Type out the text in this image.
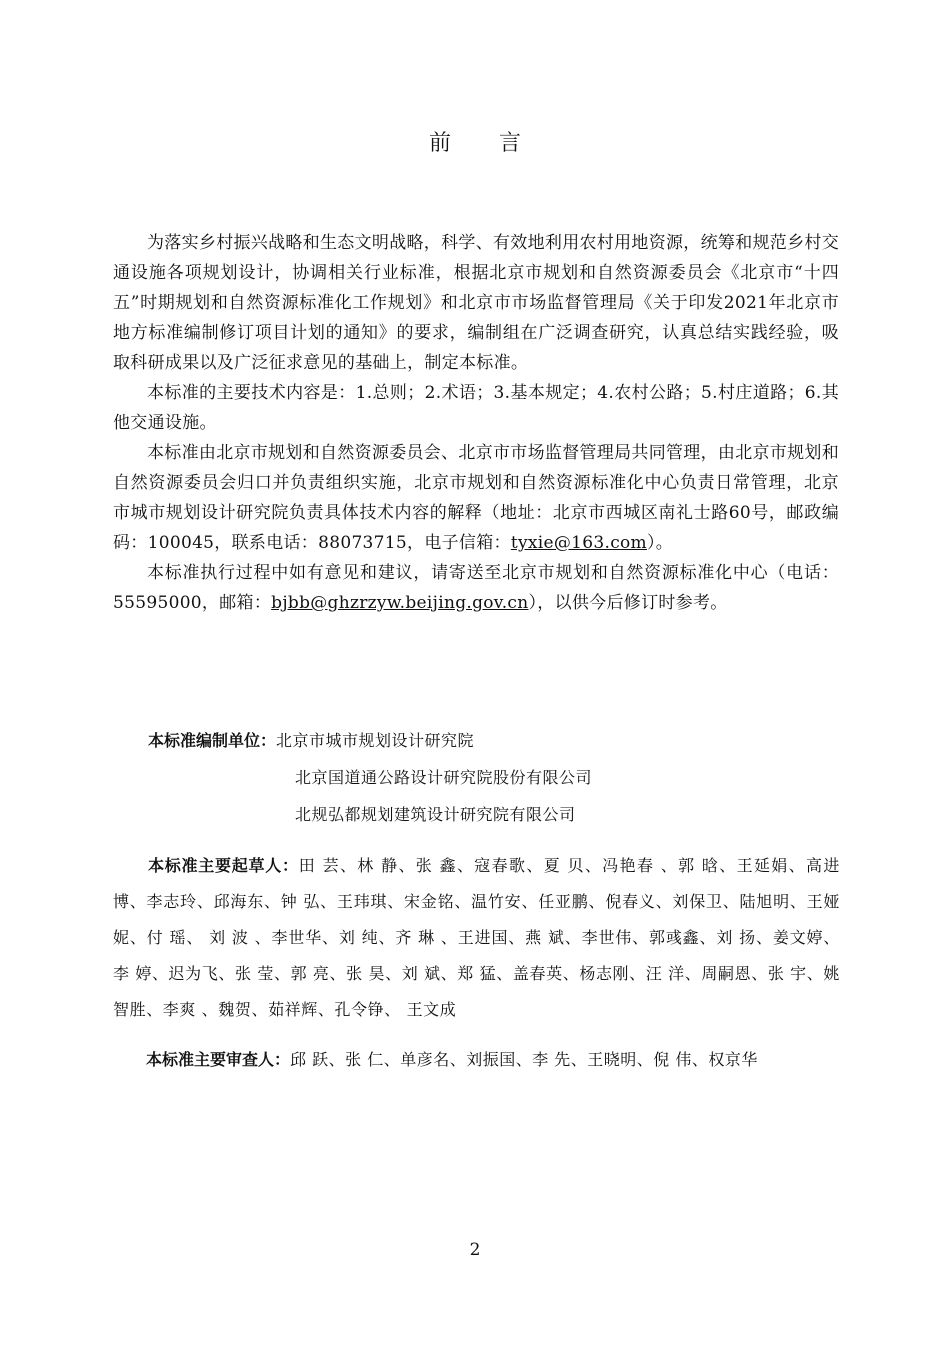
前 言

为落实乡村振兴战略和生态文明战略，科学、有效地利用农村用地资源，统筹和规范乡村交通设施各项规划设计，协调相关行业标准，根据北京市规划和自然资源委员会《北京市“十四五”时期规划和自然资源标准化工作规划》和北京市市场监督管理局《关于印发2021年北京市地方标准编制修订项目计划的通知》的要求，编制组在广泛调查研究，认真总结实践经验，吸取科研成果以及广泛征求意见的基础上，制定本标准。

本标准的主要技术内容是：1.总则；2.术语；3.基本规定；4.农村公路；5.村庄道路；6.其他交通设施。

本标准由北京市规划和自然资源委员会、北京市市场监督管理局共同管理，由北京市规划和自然资源委员会归口并负责组织实施，北京市规划和自然资源标准化中心负责日常管理，北京市城市规划设计研究院负责具体技术内容的解释（地址：北京市西城区南礼士路60号，邮政编码：100045，联系电话：88073715，电子信箱：tyxie@163.com）。

本标准执行过程中如有意见和建议，请寄送至北京市规划和自然资源标准化中心（电话：55595000，邮箱：bjbb@ghzrzyw.beijing.gov.cn），以供今后修订时参考。

本标准编制单位：北京市城市规划设计研究院
北京国道通公路设计研究院股份有限公司
北规弘都规划建筑设计研究院有限公司
本标准主要起草人：田 芸、林 静、张 鑫、寇春歌、夏 贝、冯艳春 、郭 晗、王延娟、高进博、李志玲、邱海东、钟 弘、王玮琪、宋金铭、温竹安、任亚鹏、倪春义、刘保卫、陆旭明、王娅妮、付 瑶、 刘 波 、李世华、刘 纯、齐 琳 、王进国、燕 斌、李世伟、郭彧鑫、刘 扬、姜文婷、李 婷、迟为飞、张 莹、郭 亮、张 昊、刘 斌、郑 猛、盖春英、杨志刚、汪 洋、周嗣恩、张 宇、姚智胜、李爽 、魏贺、茹祥辉、孔令铮、 王文成
本标准主要审查人：邱 跃、张 仁、单彦名、刘振国、李 先、王晓明、倪 伟、权京华
2
